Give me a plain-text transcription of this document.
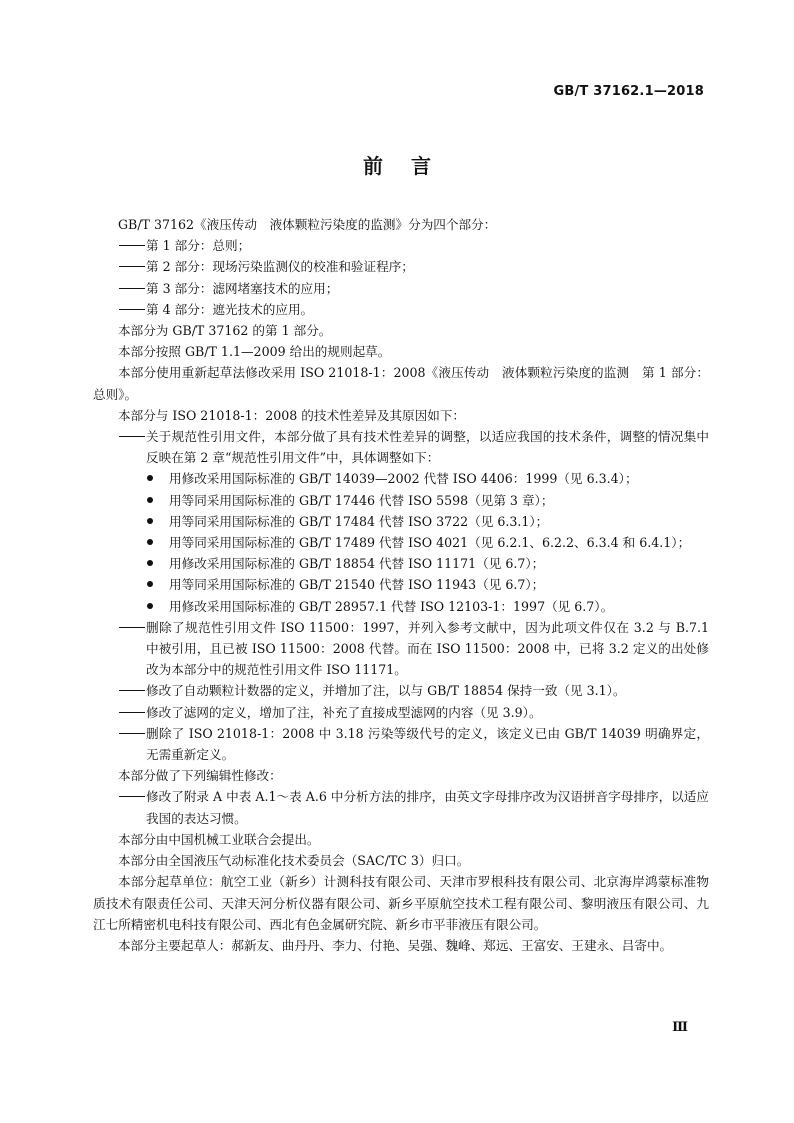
GB/T 37162.1—2018
前言
GB/T 37162《液压传动　液体颗粒污染度的监测》分为四个部分：
第 1 部分：总则；
第 2 部分：现场污染监测仪的校准和验证程序；
第 3 部分：滤网堵塞技术的应用；
第 4 部分：遮光技术的应用。
本部分为 GB/T 37162 的第 1 部分。
本部分按照 GB/T 1.1—2009 给出的规则起草。
本部分使用重新起草法修改采用 ISO 21018-1：2008《液压传动　液体颗粒污染度的监测　第 1 部分：总则》。
本部分与 ISO 21018-1：2008 的技术性差异及其原因如下：
关于规范性引用文件，本部分做了具有技术性差异的调整，以适应我国的技术条件，调整的情况集中反映在第 2 章“规范性引用文件”中，具体调整如下：
用修改采用国际标准的 GB/T 14039—2002 代替 ISO 4406：1999（见 6.3.4）；
用等同采用国际标准的 GB/T 17446 代替 ISO 5598（见第 3 章）；
用等同采用国际标准的 GB/T 17484 代替 ISO 3722（见 6.3.1）；
用等同采用国际标准的 GB/T 17489 代替 ISO 4021（见 6.2.1、6.2.2、6.3.4 和 6.4.1）；
用修改采用国际标准的 GB/T 18854 代替 ISO 11171（见 6.7）；
用等同采用国际标准的 GB/T 21540 代替 ISO 11943（见 6.7）；
用修改采用国际标准的 GB/T 28957.1 代替 ISO 12103-1：1997（见 6.7）。
删除了规范性引用文件 ISO 11500：1997，并列入参考文献中，因为此项文件仅在 3.2 与 B.7.1 中被引用，且已被 ISO 11500：2008 代替。而在 ISO 11500：2008 中，已将 3.2 定义的出处修改为本部分中的规范性引用文件 ISO 11171。
修改了自动颗粒计数器的定义，并增加了注，以与 GB/T 18854 保持一致（见 3.1）。
修改了滤网的定义，增加了注，补充了直接成型滤网的内容（见 3.9）。
删除了 ISO 21018-1：2008 中 3.18 污染等级代号的定义，该定义已由 GB/T 14039 明确界定，无需重新定义。
本部分做了下列编辑性修改：
修改了附录 A 中表 A.1～表 A.6 中分析方法的排序，由英文字母排序改为汉语拼音字母排序，以适应我国的表达习惯。
本部分由中国机械工业联合会提出。
本部分由全国液压气动标准化技术委员会（SAC/TC 3）归口。
本部分起草单位：航空工业（新乡）计测科技有限公司、天津市罗根科技有限公司、北京海岸鸿蒙标准物质技术有限责任公司、天津天河分析仪器有限公司、新乡平原航空技术工程有限公司、黎明液压有限公司、九江七所精密机电科技有限公司、西北有色金属研究院、新乡市平菲液压有限公司。
本部分主要起草人：郝新友、曲丹丹、李力、付艳、吴强、魏峰、郑远、王富安、王建永、吕寄中。
Ⅲ
